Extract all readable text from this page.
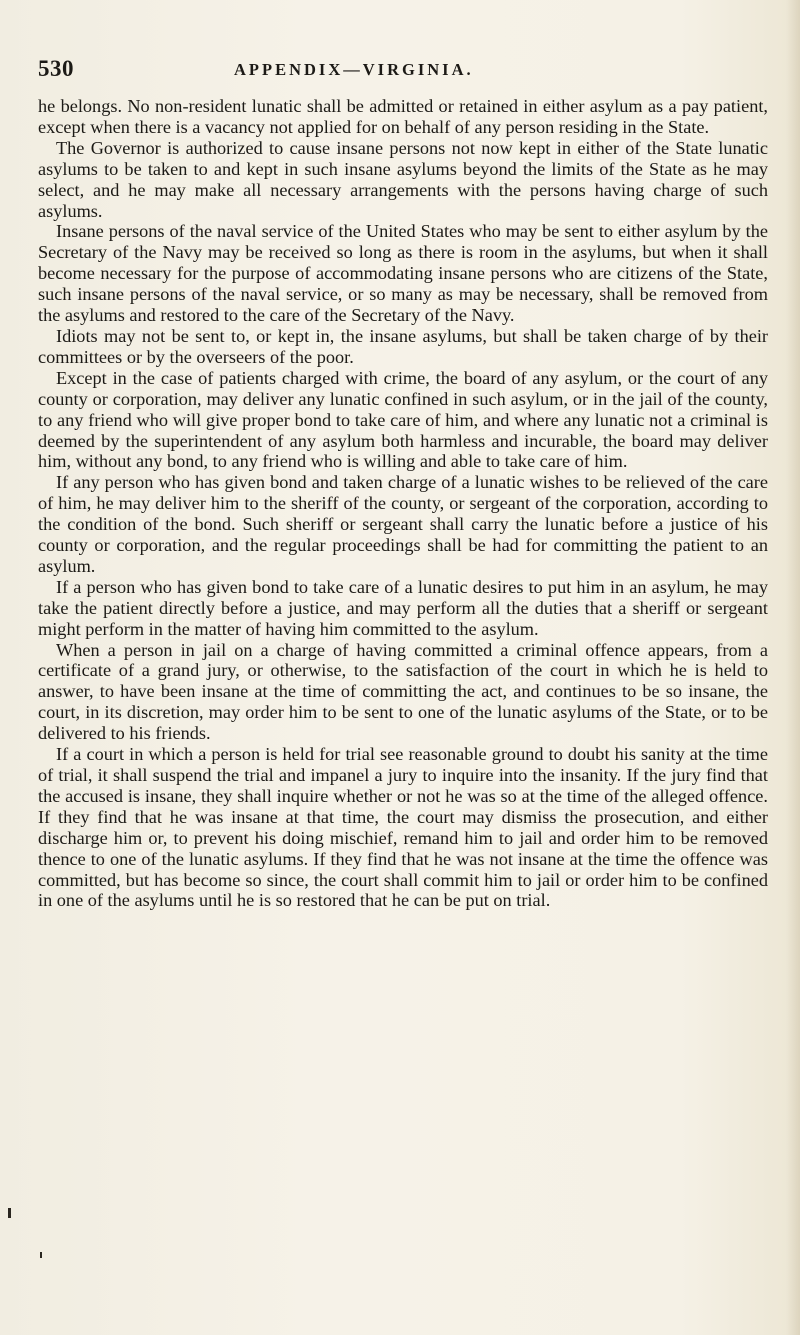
530	APPENDIX—VIRGINIA.

he belongs. No non-resident lunatic shall be admitted or retained in either asylum as a pay patient, except when there is a vacancy not applied for on behalf of any person residing in the State.

The Governor is authorized to cause insane persons not now kept in either of the State lunatic asylums to be taken to and kept in such insane asylums beyond the limits of the State as he may select, and he may make all necessary arrangements with the persons having charge of such asylums.

Insane persons of the naval service of the United States who may be sent to either asylum by the Secretary of the Navy may be received so long as there is room in the asylums, but when it shall become necessary for the purpose of accommodating insane persons who are citizens of the State, such insane persons of the naval service, or so many as may be necessary, shall be removed from the asylums and restored to the care of the Secretary of the Navy.

Idiots may not be sent to, or kept in, the insane asylums, but shall be taken charge of by their committees or by the overseers of the poor.

Except in the case of patients charged with crime, the board of any asylum, or the court of any county or corporation, may deliver any lunatic confined in such asylum, or in the jail of the county, to any friend who will give proper bond to take care of him, and where any lunatic not a criminal is deemed by the superintendent of any asylum both harmless and incurable, the board may deliver him, without any bond, to any friend who is willing and able to take care of him.

If any person who has given bond and taken charge of a lunatic wishes to be relieved of the care of him, he may deliver him to the sheriff of the county, or sergeant of the corporation, according to the condition of the bond. Such sheriff or sergeant shall carry the lunatic before a justice of his county or corporation, and the regular proceedings shall be had for committing the patient to an asylum.

If a person who has given bond to take care of a lunatic desires to put him in an asylum, he may take the patient directly before a justice, and may perform all the duties that a sheriff or sergeant might perform in the matter of having him committed to the asylum.

When a person in jail on a charge of having committed a criminal offence appears, from a certificate of a grand jury, or otherwise, to the satisfaction of the court in which he is held to answer, to have been insane at the time of committing the act, and continues to be so insane, the court, in its discretion, may order him to be sent to one of the lunatic asylums of the State, or to be delivered to his friends.

If a court in which a person is held for trial see reasonable ground to doubt his sanity at the time of trial, it shall suspend the trial and impanel a jury to inquire into the insanity. If the jury find that the accused is insane, they shall inquire whether or not he was so at the time of the alleged offence. If they find that he was insane at that time, the court may dismiss the prosecution, and either discharge him or, to prevent his doing mischief, remand him to jail and order him to be removed thence to one of the lunatic asylums. If they find that he was not insane at the time the offence was committed, but has become so since, the court shall commit him to jail or order him to be confined in one of the asylums until he is so restored that he can be put on trial.
